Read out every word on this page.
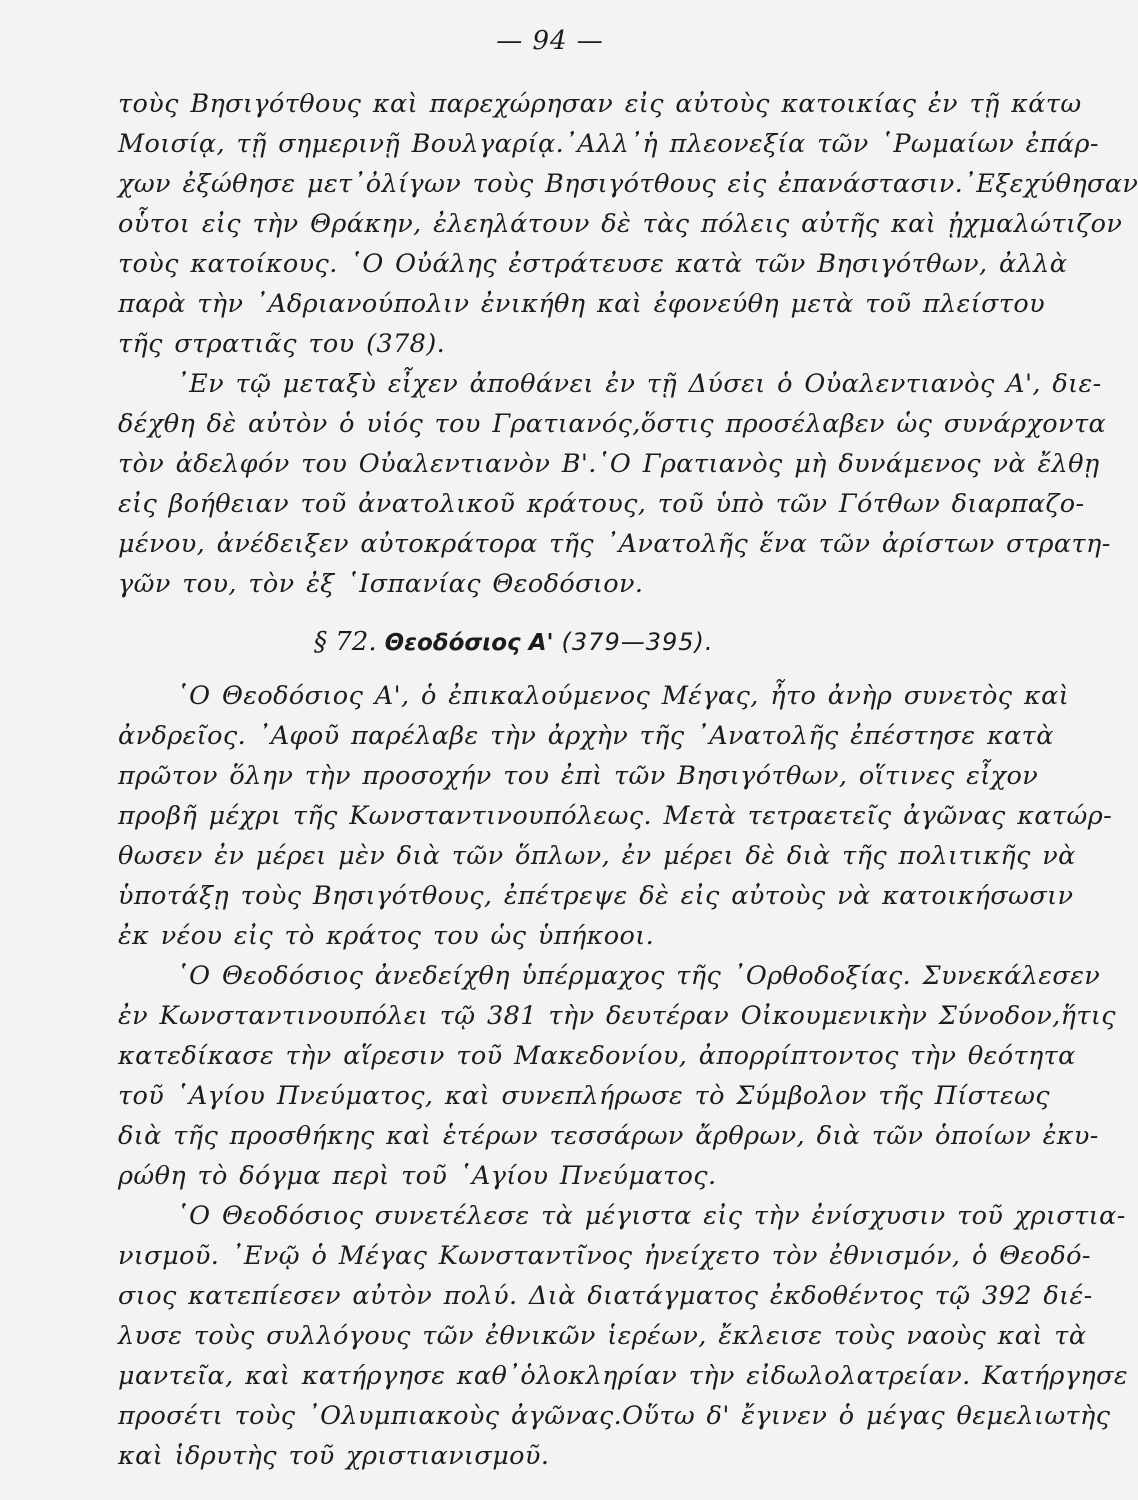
— 94 —
τοὺς Βησιγότθους καὶ παρεχώρησαν εἰς αὐτοὺς κατοικίας ἐν τῇ κάτω
Μοισίᾳ, τῇ σημερινῇ Βουλγαρίᾳ.᾿Αλλ᾿ἡ πλεονεξία τῶν ῾Ρωμαίων ἐπάρ-
χων ἐξώθησε μετ᾿ὀλίγων τοὺς Βησιγότθους εἰς ἐπανάστασιν.᾿Εξεχύθησαν
οὗτοι εἰς τὴν Θράκην, ἐλεηλάτουν δὲ τὰς πόλεις αὐτῆς καὶ ᾐχμαλώτιζον
τοὺς κατοίκους. ῾Ο Οὐάλης ἐστράτευσε κατὰ τῶν Βησιγότθων, ἀλλὰ
παρὰ τὴν ᾿Αδριανούπολιν ἐνικήθη καὶ ἐφονεύθη μετὰ τοῦ πλείστου
τῆς στρατιᾶς του (378).
᾿Εν τῷ μεταξὺ εἶχεν ἀποθάνει ἐν τῇ Δύσει ὁ Οὐαλεντιανὸς Α', διε-
δέχθη δὲ αὐτὸν ὁ υἱός του Γρατιανός,ὅστις προσέλαβεν ὡς συνάρχοντα
τὸν ἀδελφόν του Οὐαλεντιανὸν Β'.῾Ο Γρατιανὸς μὴ δυνάμενος νὰ ἔλθῃ
εἰς βοήθειαν τοῦ ἀνατολικοῦ κράτους, τοῦ ὑπὸ τῶν Γότθων διαρπαζο-
μένου, ἀνέδειξεν αὐτοκράτορα τῆς ᾿Ανατολῆς ἕνα τῶν ἀρίστων στρατη-
γῶν του, τὸν ἐξ ῾Ισπανίας Θεοδόσιον.
§ 72. Θεοδόσιος Α' (379—395).
῾Ο Θεοδόσιος Α', ὁ ἐπικαλούμενος Μέγας, ἦτο ἀνὴρ συνετὸς καὶ
ἀνδρεῖος. ᾿Αφοῦ παρέλαβε τὴν ἀρχὴν τῆς ᾿Ανατολῆς ἐπέστησε κατὰ
πρῶτον ὅλην τὴν προσοχήν του ἐπὶ τῶν Βησιγότθων, οἵτινες εἶχον
προβῆ μέχρι τῆς Κωνσταντινουπόλεως. Μετὰ τετραετεῖς ἀγῶνας κατώρ-
θωσεν ἐν μέρει μὲν διὰ τῶν ὅπλων, ἐν μέρει δὲ διὰ τῆς πολιτικῆς νὰ
ὑποτάξῃ τοὺς Βησιγότθους, ἐπέτρεψε δὲ εἰς αὐτοὺς νὰ κατοικήσωσιν
ἐκ νέου εἰς τὸ κράτος του ὡς ὑπήκοοι.
῾Ο Θεοδόσιος ἀνεδείχθη ὑπέρμαχος τῆς ᾿Ορθοδοξίας. Συνεκάλεσεν
ἐν Κωνσταντινουπόλει τῷ 381 τὴν δευτέραν Οἰκουμενικὴν Σύνοδον,ἥτις
κατεδίκασε τὴν αἵρεσιν τοῦ Μακεδονίου, ἀπορρίπτοντος τὴν θεότητα
τοῦ ῾Αγίου Πνεύματος, καὶ συνεπλήρωσε τὸ Σύμβολον τῆς Πίστεως
διὰ τῆς προσθήκης καὶ ἑτέρων τεσσάρων ἄρθρων, διὰ τῶν ὁποίων ἐκυ-
ρώθη τὸ δόγμα περὶ τοῦ ῾Αγίου Πνεύματος.
῾Ο Θεοδόσιος συνετέλεσε τὰ μέγιστα εἰς τὴν ἐνίσχυσιν τοῦ χριστια-
νισμοῦ. ᾿Ενῷ ὁ Μέγας Κωνσταντῖνος ἠνείχετο τὸν ἐθνισμόν, ὁ Θεοδό-
σιος κατεπίεσεν αὐτὸν πολύ. Διὰ διατάγματος ἐκδοθέντος τῷ 392 διέ-
λυσε τοὺς συλλόγους τῶν ἐθνικῶν ἱερέων, ἔκλεισε τοὺς ναοὺς καὶ τὰ
μαντεῖα, καὶ κατήργησε καθ᾿ὁλοκληρίαν τὴν εἰδωλολατρείαν. Κατήργησε
προσέτι τοὺς ᾿Ολυμπιακοὺς ἀγῶνας.Οὕτω δ' ἔγινεν ὁ μέγας θεμελιωτὴς
καὶ ἱδρυτὴς τοῦ χριστιανισμοῦ.
